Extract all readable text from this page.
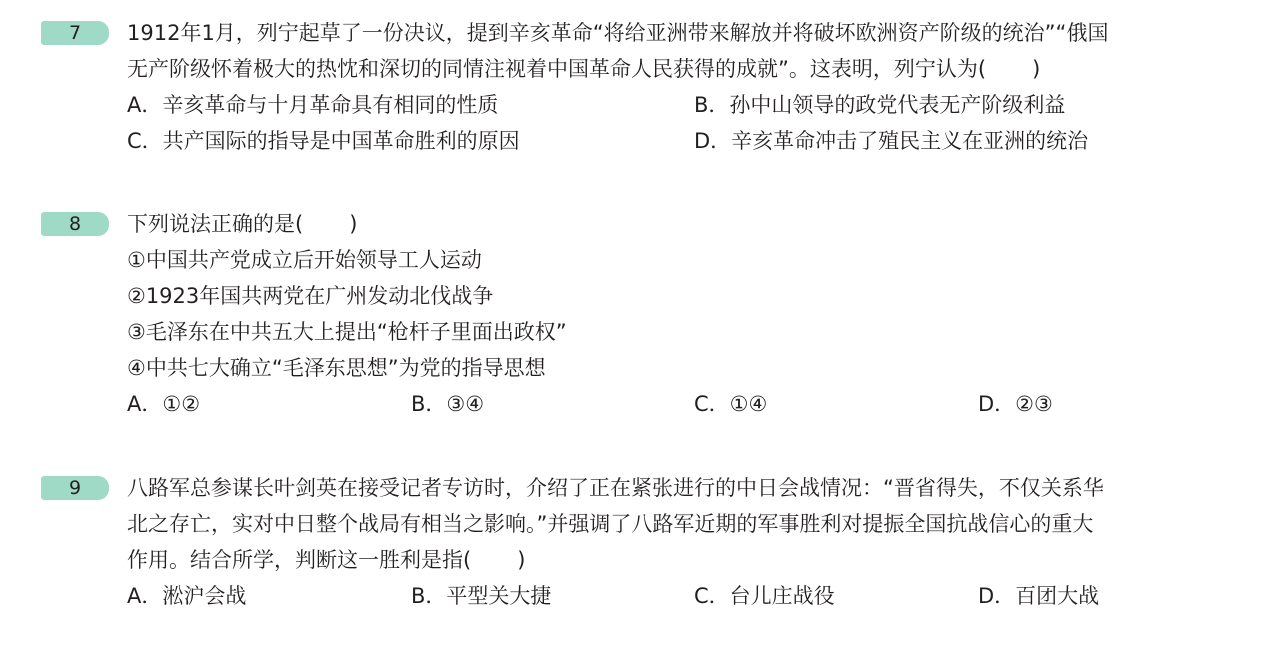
7	1912年1月，列宁起草了一份决议，提到辛亥革命“将给亚洲带来解放并将破坏欧洲资产阶级的统治”“俄国
无产阶级怀着极大的热忱和深切的同情注视着中国革命人民获得的成就”。这表明，列宁认为( )
A．辛亥革命与十月革命具有相同的性质	B．孙中山领导的政党代表无产阶级利益
C．共产国际的指导是中国革命胜利的原因	D．辛亥革命冲击了殖民主义在亚洲的统治
8	下列说法正确的是( )
①中国共产党成立后开始领导工人运动
②1923年国共两党在广州发动北伐战争
③毛泽东在中共五大上提出“枪杆子里面出政权”
④中共七大确立“毛泽东思想”为党的指导思想
A．①②	B．③④	C．①④	D．②③
9	八路军总参谋长叶剑英在接受记者专访时，介绍了正在紧张进行的中日会战情况：“晋省得失，不仅关系华
北之存亡，实对中日整个战局有相当之影响。”并强调了八路军近期的军事胜利对提振全国抗战信心的重大
作用。结合所学，判断这一胜利是指( )
A．淞沪会战	B．平型关大捷	C．台儿庄战役	D．百团大战
